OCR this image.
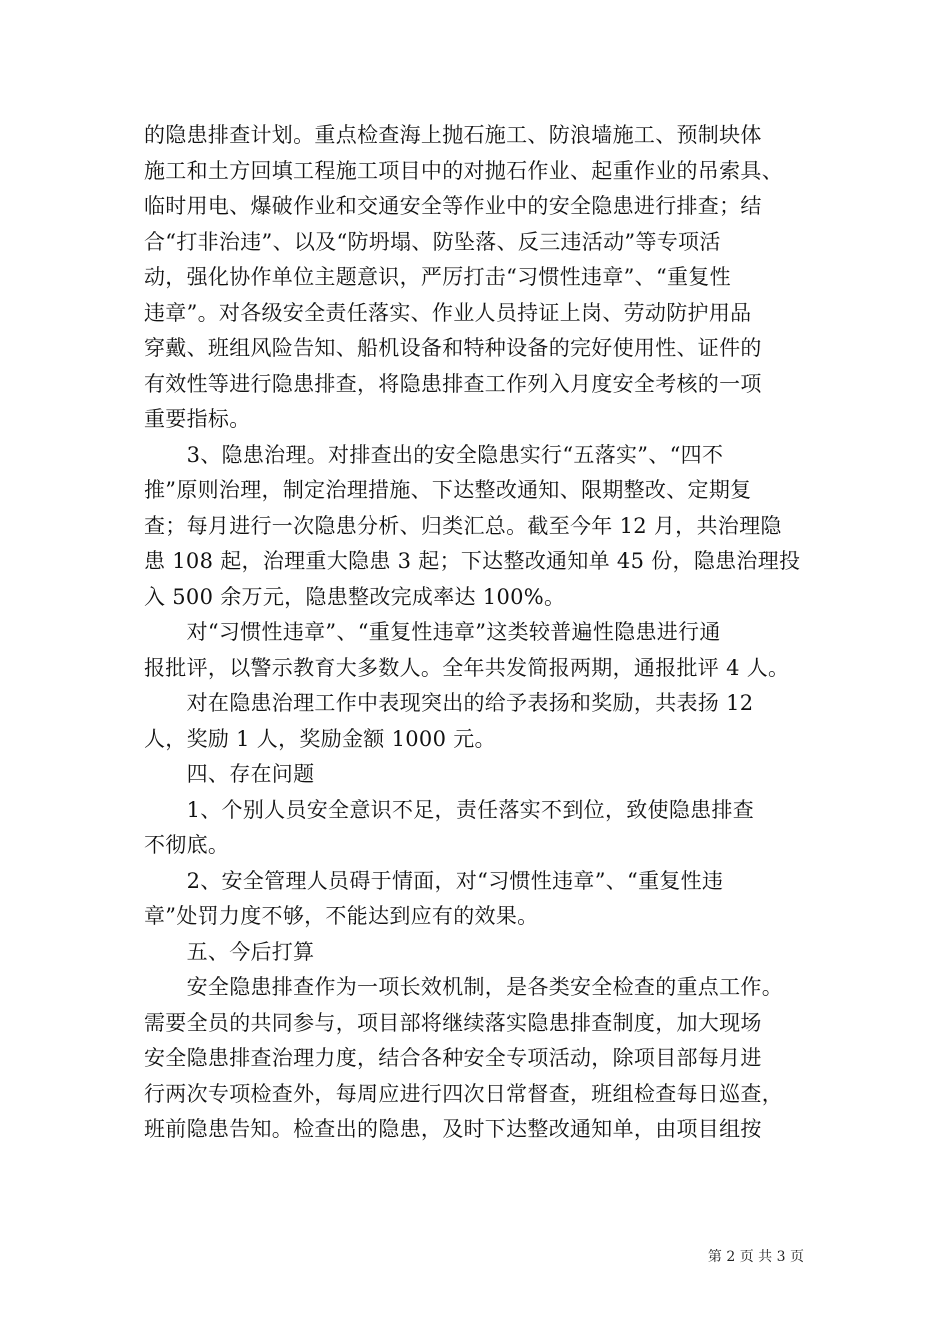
的隐患排查计划。重点检查海上抛石施工、防浪墙施工、预制块体
施工和土方回填工程施工项目中的对抛石作业、起重作业的吊索具、
临时用电、爆破作业和交通安全等作业中的安全隐患进行排查；结
合“打非治违”、以及“防坍塌、防坠落、反三违活动”等专项活
动，强化协作单位主题意识，严厉打击“习惯性违章”、“重复性
违章”。对各级安全责任落实、作业人员持证上岗、劳动防护用品
穿戴、班组风险告知、船机设备和特种设备的完好使用性、证件的
有效性等进行隐患排查，将隐患排查工作列入月度安全考核的一项
重要指标。
　　3、隐患治理。对排查出的安全隐患实行“五落实”、“四不
推”原则治理，制定治理措施、下达整改通知、限期整改、定期复
查；每月进行一次隐患分析、归类汇总。截至今年 12 月，共治理隐
患 108 起，治理重大隐患 3 起；下达整改通知单 45 份，隐患治理投
入 500 余万元，隐患整改完成率达 100%。
　　对“习惯性违章”、“重复性违章”这类较普遍性隐患进行通
报批评，以警示教育大多数人。全年共发简报两期，通报批评 4 人。
　　对在隐患治理工作中表现突出的给予表扬和奖励，共表扬 12
人，奖励 1 人，奖励金额 1000 元。
　　四、存在问题
　　1、个别人员安全意识不足，责任落实不到位，致使隐患排查
不彻底。
　　2、安全管理人员碍于情面，对“习惯性违章”、“重复性违
章”处罚力度不够，不能达到应有的效果。
　　五、今后打算
　　安全隐患排查作为一项长效机制，是各类安全检查的重点工作。
需要全员的共同参与，项目部将继续落实隐患排查制度，加大现场
安全隐患排查治理力度，结合各种安全专项活动，除项目部每月进
行两次专项检查外，每周应进行四次日常督查，班组检查每日巡查，
班前隐患告知。检查出的隐患，及时下达整改通知单，由项目组按
第 2 页 共 3 页
